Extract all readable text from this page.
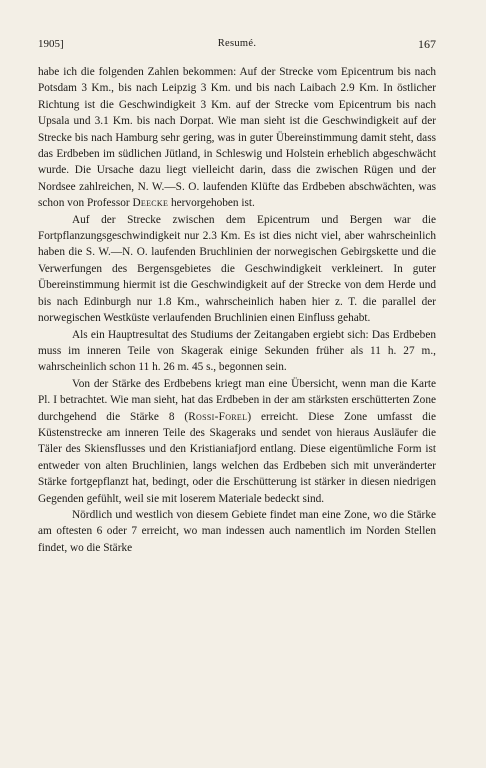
1905]	Resumé.	167

habe ich die folgenden Zahlen bekommen: Auf der Strecke vom Epicentrum bis nach Potsdam 3 Km., bis nach Leipzig 3 Km. und bis nach Laibach 2.9 Km. In östlicher Richtung ist die Geschwindigkeit 3 Km. auf der Strecke vom Epicentrum bis nach Upsala und 3.1 Km. bis nach Dorpat. Wie man sieht ist die Geschwindigkeit auf der Strecke bis nach Hamburg sehr gering, was in guter Übereinstimmung damit steht, dass das Erdbeben im südlichen Jütland, in Schleswig und Holstein erheblich abgeschwächt wurde. Die Ursache dazu liegt vielleicht darin, dass die zwischen Rügen und der Nordsee zahlreichen, N. W.—S. O. laufenden Klüfte das Erdbeben abschwächten, was schon von Professor Deecke hervorgehoben ist.

Auf der Strecke zwischen dem Epicentrum und Bergen war die Fortpflanzungsgeschwindigkeit nur 2.3 Km. Es ist dies nicht viel, aber wahrscheinlich haben die S. W.—N. O. laufenden Bruchlinien der norwegischen Gebirgskette und die Verwerfungen des Bergensgebietes die Geschwindigkeit verkleinert. In guter Übereinstimmung hiermit ist die Geschwindigkeit auf der Strecke von dem Herde und bis nach Edinburgh nur 1.8 Km., wahrscheinlich haben hier z. T. die parallel der norwegischen Westküste verlaufenden Bruchlinien einen Einfluss gehabt.

Als ein Hauptresultat des Studiums der Zeitangaben ergiebt sich: Das Erdbeben muss im inneren Teile von Skagerak einige Sekunden früher als 11 h. 27 m., wahrscheinlich schon 11 h. 26 m. 45 s., begonnen sein.

Von der Stärke des Erdbebens kriegt man eine Übersicht, wenn man die Karte Pl. I betrachtet. Wie man sieht, hat das Erdbeben in der am stärksten erschütterten Zone durchgehend die Stärke 8 (Rossi-Forel) erreicht. Diese Zone umfasst die Küstenstrecke am inneren Teile des Skageraks und sendet von hieraus Ausläufer die Täler des Skiensflusses und den Kristianiafjord entlang. Diese eigentümliche Form ist entweder von alten Bruchlinien, langs welchen das Erdbeben sich mit unveränderter Stärke fortgepflanzt hat, bedingt, oder die Erschütterung ist stärker in diesen niedrigen Gegenden gefühlt, weil sie mit loserem Materiale bedeckt sind.

Nördlich und westlich von diesem Gebiete findet man eine Zone, wo die Stärke am oftesten 6 oder 7 erreicht, wo man indessen auch namentlich im Norden Stellen findet, wo die Stärke
